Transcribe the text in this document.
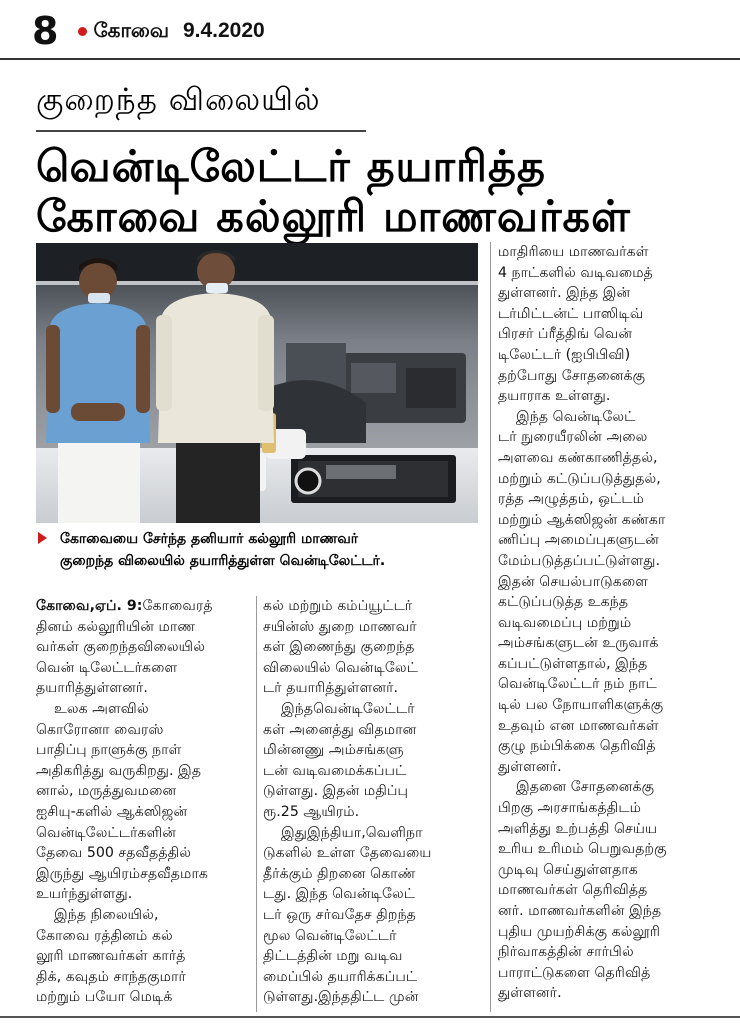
8 கோவை 9.4.2020
குறைந்த விலையில்
வென்டிலேட்டர் தயாரித்த
கோவை கல்லூரி மாணவர்கள்
கோவையை சேர்ந்த தனியார் கல்லூரி மாணவர்
குறைந்த விலையில் தயாரித்துள்ள வென்டிலேட்டர்.
கோவை,ஏப். 9:கோவைரத்
தினம் கல்லூரியின் மாண
வர்கள் குறைந்தவிலையில்
வென் டிலேட்டர்களை
தயாரித்துள்ளனர்.
உலக அளவில்
கொரோனா வைரஸ்
பாதிப்பு நாளுக்கு நாள்
அதிகரித்து வருகிறது. இத
னால், மருத்துவமனை
ஐசியு-களில் ஆக்ஸிஜன்
வென்டிலேட்டர்களின்
தேவை 500 சதவீதத்தில்
இருந்து ஆயிரம்சதவீதமாக
உயர்ந்துள்ளது.
இந்த நிலையில்,
கோவை ரத்தினம் கல்
லூரி மாணவர்கள் கார்த்
திக், கவுதம் சாந்தகுமார்
மற்றும் பயோ மெடிக்
கல் மற்றும் கம்ப்யூட்டர்
சயின்ஸ் துறை மாணவர்
கள் இணைந்து குறைந்த
விலையில் வென்டிலேட்
டர் தயாரித்துள்ளனர்.
இந்தவென்டிலேட்டர்
கள் அனைத்து விதமான
மின்னணு அம்சங்களு
டன் வடிவமைக்கப்பட்
டுள்ளது. இதன் மதிப்பு
ரூ.25 ஆயிரம்.
இதுஇந்தியா,வெளிநா
டுகளில் உள்ள தேவையை
தீர்க்கும் திறனை கொண்
டது. இந்த வென்டிலேட்
டர் ஒரு சர்வதேச திறந்த
மூல வென்டிலேட்டர்
திட்டத்தின் மறு வடிவ
மைப்பில் தயாரிக்கப்பட்
டுள்ளது.இந்ததிட்ட முன்
மாதிரியை மாணவர்கள்
4 நாட்களில் வடிவமைத்
துள்ளனர். இந்த இன்
டர்மிட்டன்ட் பாஸிடிவ்
பிரசர் ப்ரீத்திங் வென்
டிலேட்டர் (ஐபிபிவி)
தற்போது சோதனைக்கு
தயாராக உள்ளது.
இந்த வென்டிலேட்
டர் நுரையீரலின் அலை
அளவை கண்காணித்தல்,
மற்றும் கட்டுப்படுத்துதல்,
ரத்த அழுத்தம், ஒட்டம்
மற்றும் ஆக்ஸிஜன் கண்கா
ணிப்பு அமைப்புகளுடன்
மேம்படுத்தப்பட்டுள்ளது.
இதன் செயல்பாடுகளை
கட்டுப்படுத்த உகந்த
வடிவமைப்பு மற்றும்
அம்சங்களுடன் உருவாக்
கப்பட்டுள்ளதால், இந்த
வென்டிலேட்டர் நம் நாட்
டில் பல நோயாளிகளுக்கு
உதவும் என மாணவர்கள்
குழு நம்பிக்கை தெரிவித்
துள்ளனர்.
இதனை சோதனைக்கு
பிறகு அரசாங்கத்திடம்
அளித்து உற்பத்தி செய்ய
உரிய உரிமம் பெறுவதற்கு
முடிவு செய்துள்ளதாக
மாணவர்கள் தெரிவித்த
னர். மாணவர்களின் இந்த
புதிய முயற்சிக்கு கல்லூரி
நிர்வாகத்தின் சார்பில்
பாராட்டுகளை தெரிவித்
துள்ளனர்.
